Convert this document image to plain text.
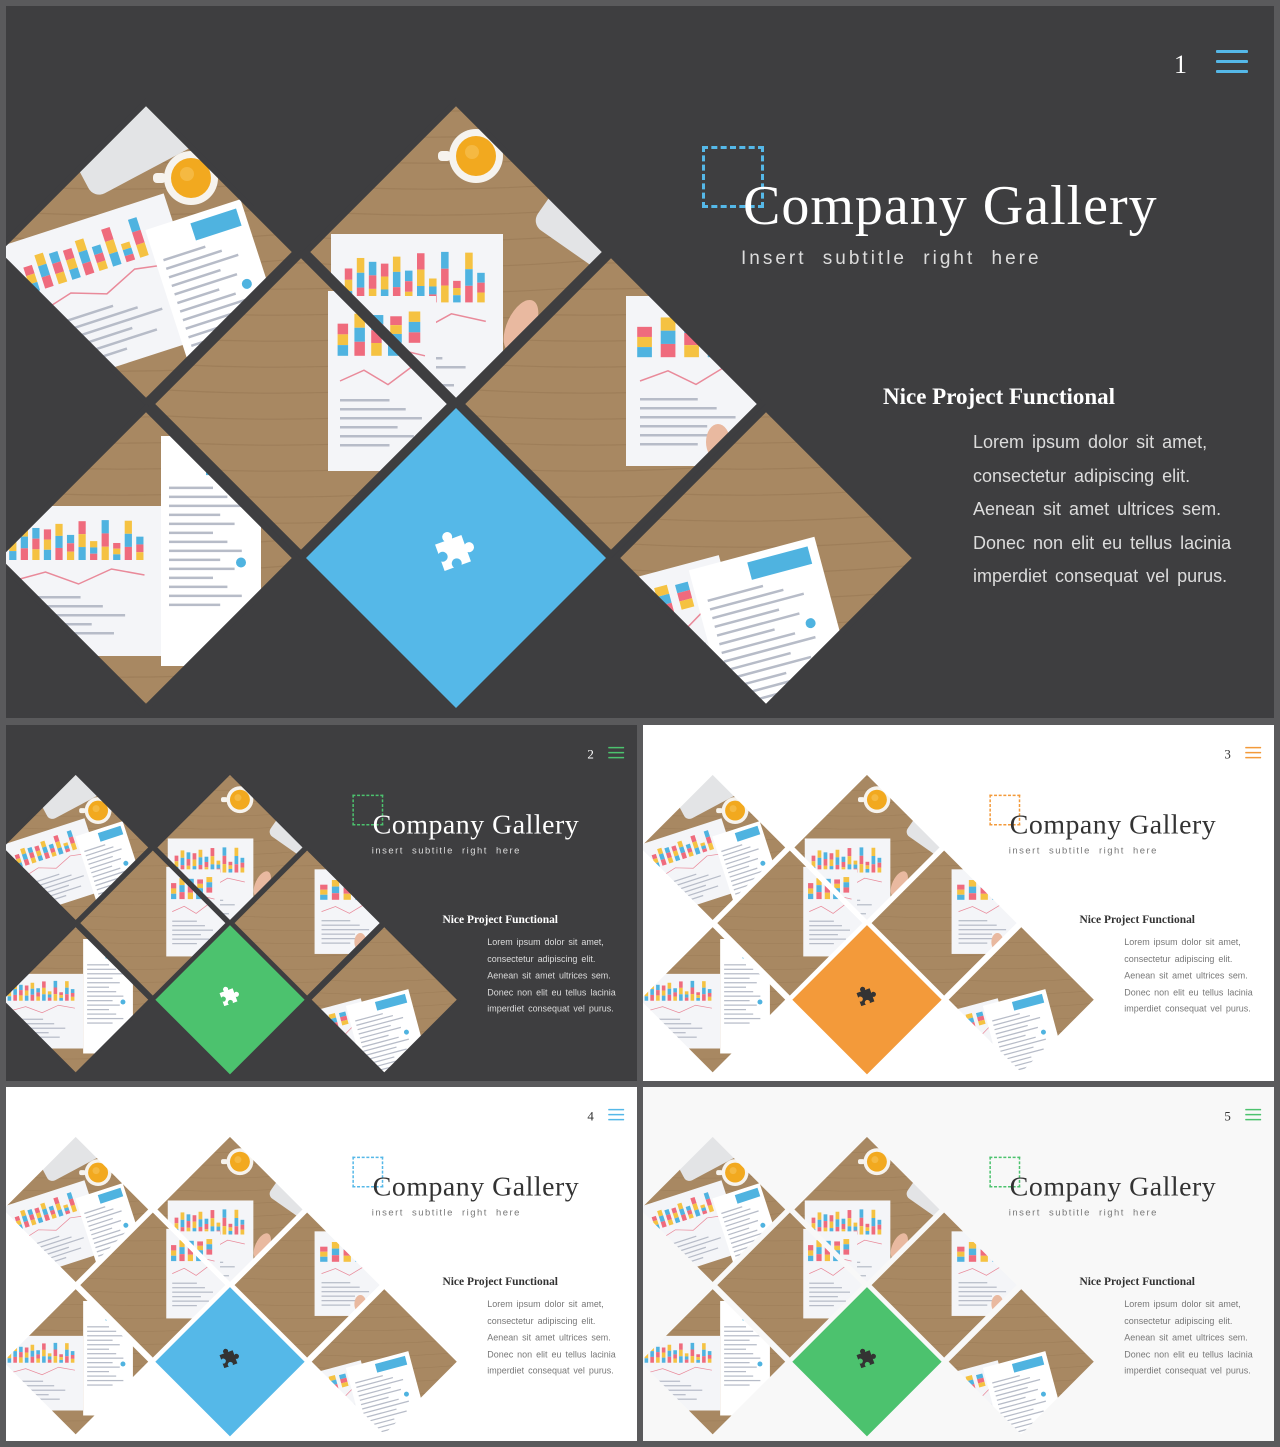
1
Company Gallery
Insert subtitle right here
Nice Project Functional
Lorem ipsum dolor sit amet, consectetur adipiscing elit. Aenean sit amet ultrices sem. Donec non elit eu tellus lacinia imperdiet consequat vel purus.
2
Company Gallery
insert subtitle right here
Nice Project Functional
Lorem ipsum dolor sit amet, consectetur adipiscing elit. Aenean sit amet ultrices sem. Donec non elit eu tellus lacinia imperdiet consequat vel purus.
3
Company Gallery
insert subtitle right here
Nice Project Functional
Lorem ipsum dolor sit amet, consectetur adipiscing elit. Aenean sit amet ultrices sem. Donec non elit eu tellus lacinia imperdiet consequat vel purus.
4
Company Gallery
insert subtitle right here
Nice Project Functional
Lorem ipsum dolor sit amet, consectetur adipiscing elit. Aenean sit amet ultrices sem. Donec non elit eu tellus lacinia imperdiet consequat vel purus.
5
Company Gallery
insert subtitle right here
Nice Project Functional
Lorem ipsum dolor sit amet, consectetur adipiscing elit. Aenean sit amet ultrices sem. Donec non elit eu tellus lacinia imperdiet consequat vel purus.
